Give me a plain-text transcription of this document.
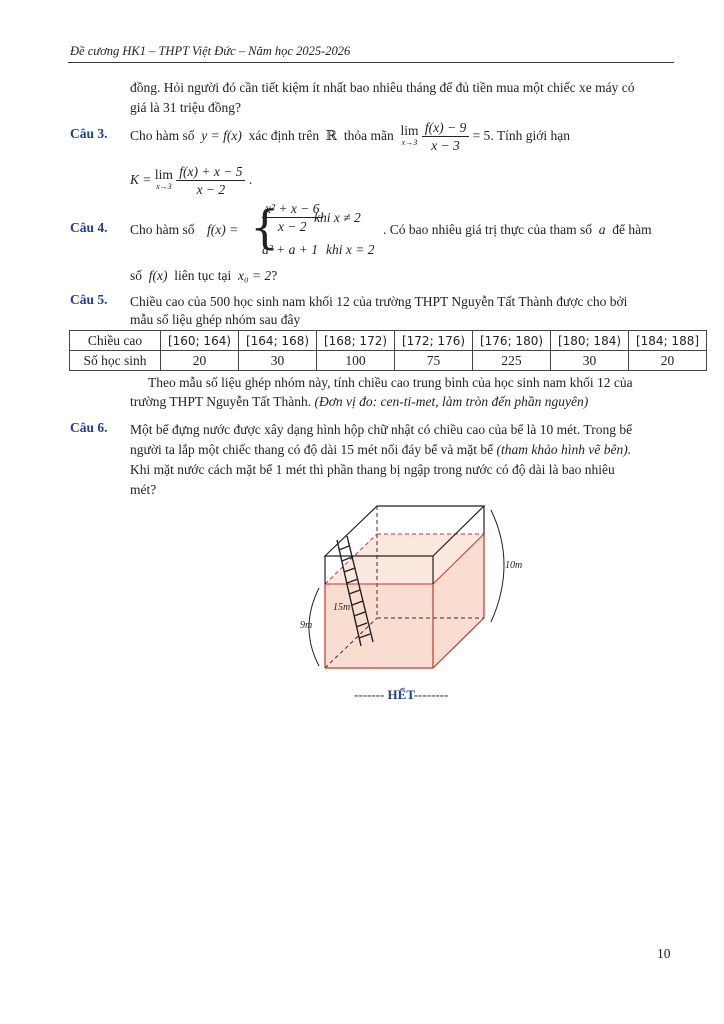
Đề cương HK1 – THPT Việt Đức – Năm học 2025-2026
đồng. Hỏi người đó cần tiết kiệm ít nhất bao nhiêu tháng để đủ tiền mua một chiếc xe máy có
giá là 31 triệu đồng?
Câu 3. Cho hàm số y = f(x) xác định trên ℝ thỏa mãn lim
x→3
$\frac{f(x) - 9}{x - 3} = 5$. Tính giới hạn
K = lim
x→3
$\frac{f(x) + x - 5}{x - 2}$ .
Câu 4. Cho hàm số f(x) = {
$\frac{\text{x² + x − 6}}{x - 2}$
khi x ≠ 2
a² + a + 1 khi x = 2
. Có bao nhiêu giá trị thực của tham số a để hàm
số f(x) liên tục tại x₀ = 2?
Câu 5. Chiều cao của 500 học sinh nam khối 12 của trường THPT Nguyễn Tất Thành được cho bởi
mẫu số liệu ghép nhóm sau đây
Chiều cao	[160; 164)	[164; 168)	[168; 172)	[172; 176)	[176; 180)	[180; 184)	[184; 188]
Số học sinh	20	30	100	75	225	30	20
Theo mẫu số liệu ghép nhóm này, tính chiều cao trung bình của học sinh nam khối 12 của
trường THPT Nguyễn Tất Thành. (Đơn vị đo: cen-ti-met, làm tròn đến phần nguyên)
Câu 6. Một bể đựng nước được xây dạng hình hộp chữ nhật có chiều cao của bể là 10 mét. Trong bể
người ta lắp một chiếc thang có độ dài 15 mét nối đáy bể và mặt bể (tham khảo hình vẽ bên).
Khi mặt nước cách mặt bể 1 mét thì phần thang bị ngập trong nước có độ dài là bao nhiêu
mét?
15m
10m
9m
------- HẾT--------
10
